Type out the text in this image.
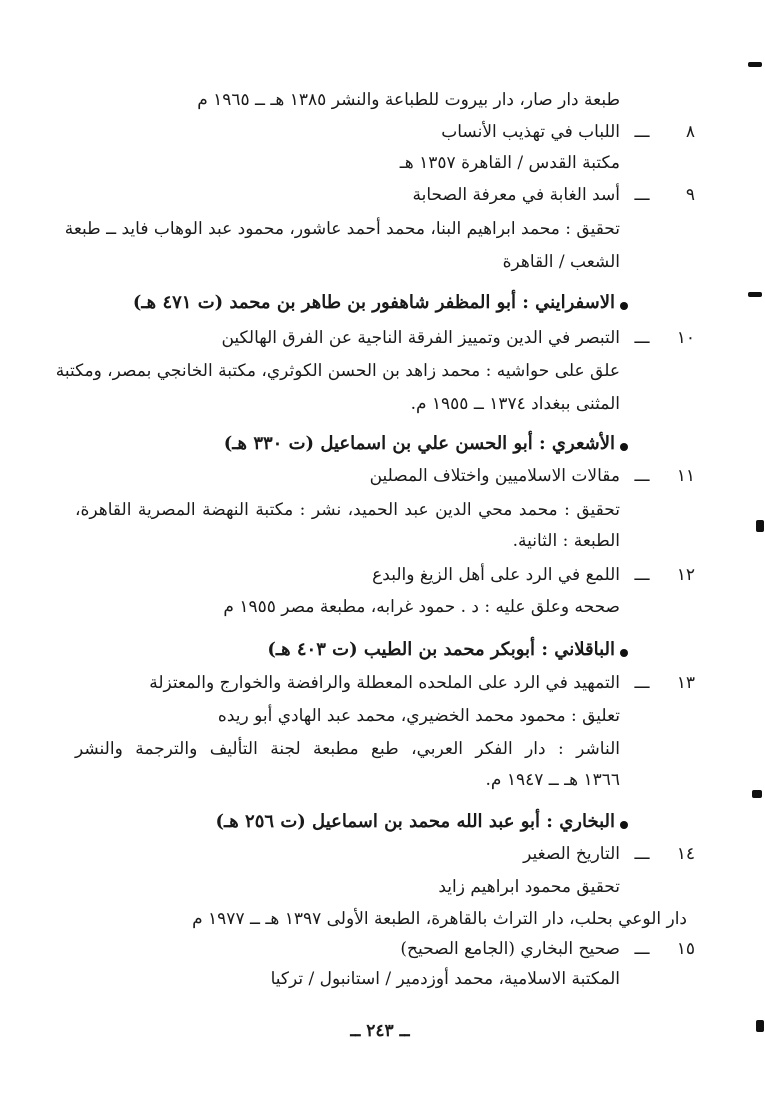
طبعة دار صار، دار بيروت للطباعة والنشر ١٣٨٥ هـ ــ ١٩٦٥ م
٨
ـــ
اللباب في تهذيب الأنساب
مكتبة القدس / القاهرة ١٣٥٧ هـ
٩
ـــ
أسد الغابة في معرفة الصحابة
تحقيق : محمد ابراهيم البنا، محمد أحمد عاشور، محمود عبد الوهاب فايد ــ طبعة
الشعب / القاهرة
الاسفرايني : أبو المظفر شاهفور بن طاهر بن محمد (ت ٤٧١ هـ)
١٠
ـــ
التبصر في الدين وتمييز الفرقة الناجية عن الفرق الهالكين
علق على حواشيه : محمد زاهد بن الحسن الكوثري، مكتبة الخانجي بمصر، ومكتبة
المثنى ببغداد ١٣٧٤ ــ ١٩٥٥ م.
الأشعري : أبو الحسن علي بن اسماعيل (ت ٣٣٠ هـ)
١١
ـــ
مقالات الاسلاميين واختلاف المصلين
تحقيق : محمد محي الدين عبد الحميد، نشر : مكتبة النهضة المصرية القاهرة،
الطبعة : الثانية.
١٢
ـــ
اللمع في الرد على أهل الزيغ والبدع
صححه وعلق عليه : د . حمود غرابه، مطبعة مصر ١٩٥٥ م
الباقلاني : أبوبكر محمد بن الطيب (ت ٤٠٣ هـ)
١٣
ـــ
التمهيد في الرد على الملحده المعطلة والرافضة والخوارج والمعتزلة
تعليق : محمود محمد الخضيري، محمد عبد الهادي أبو ريده
الناشر : دار الفكر العربي، طبع مطبعة لجنة التأليف والترجمة والنشر
١٣٦٦ هـ ــ ١٩٤٧ م.
البخاري : أبو عبد الله محمد بن اسماعيل (ت ٢٥٦ هـ)
١٤
ـــ
التاريخ الصغير
تحقيق محمود ابراهيم زايد
دار الوعي بحلب، دار التراث بالقاهرة، الطبعة الأولى ١٣٩٧ هـ ــ ١٩٧٧ م
١٥
ـــ
صحيح البخاري (الجامع الصحيح)
المكتبة الاسلامية، محمد أوزدمير / استانبول / تركيا
ــ ٢٤٣ ــ
